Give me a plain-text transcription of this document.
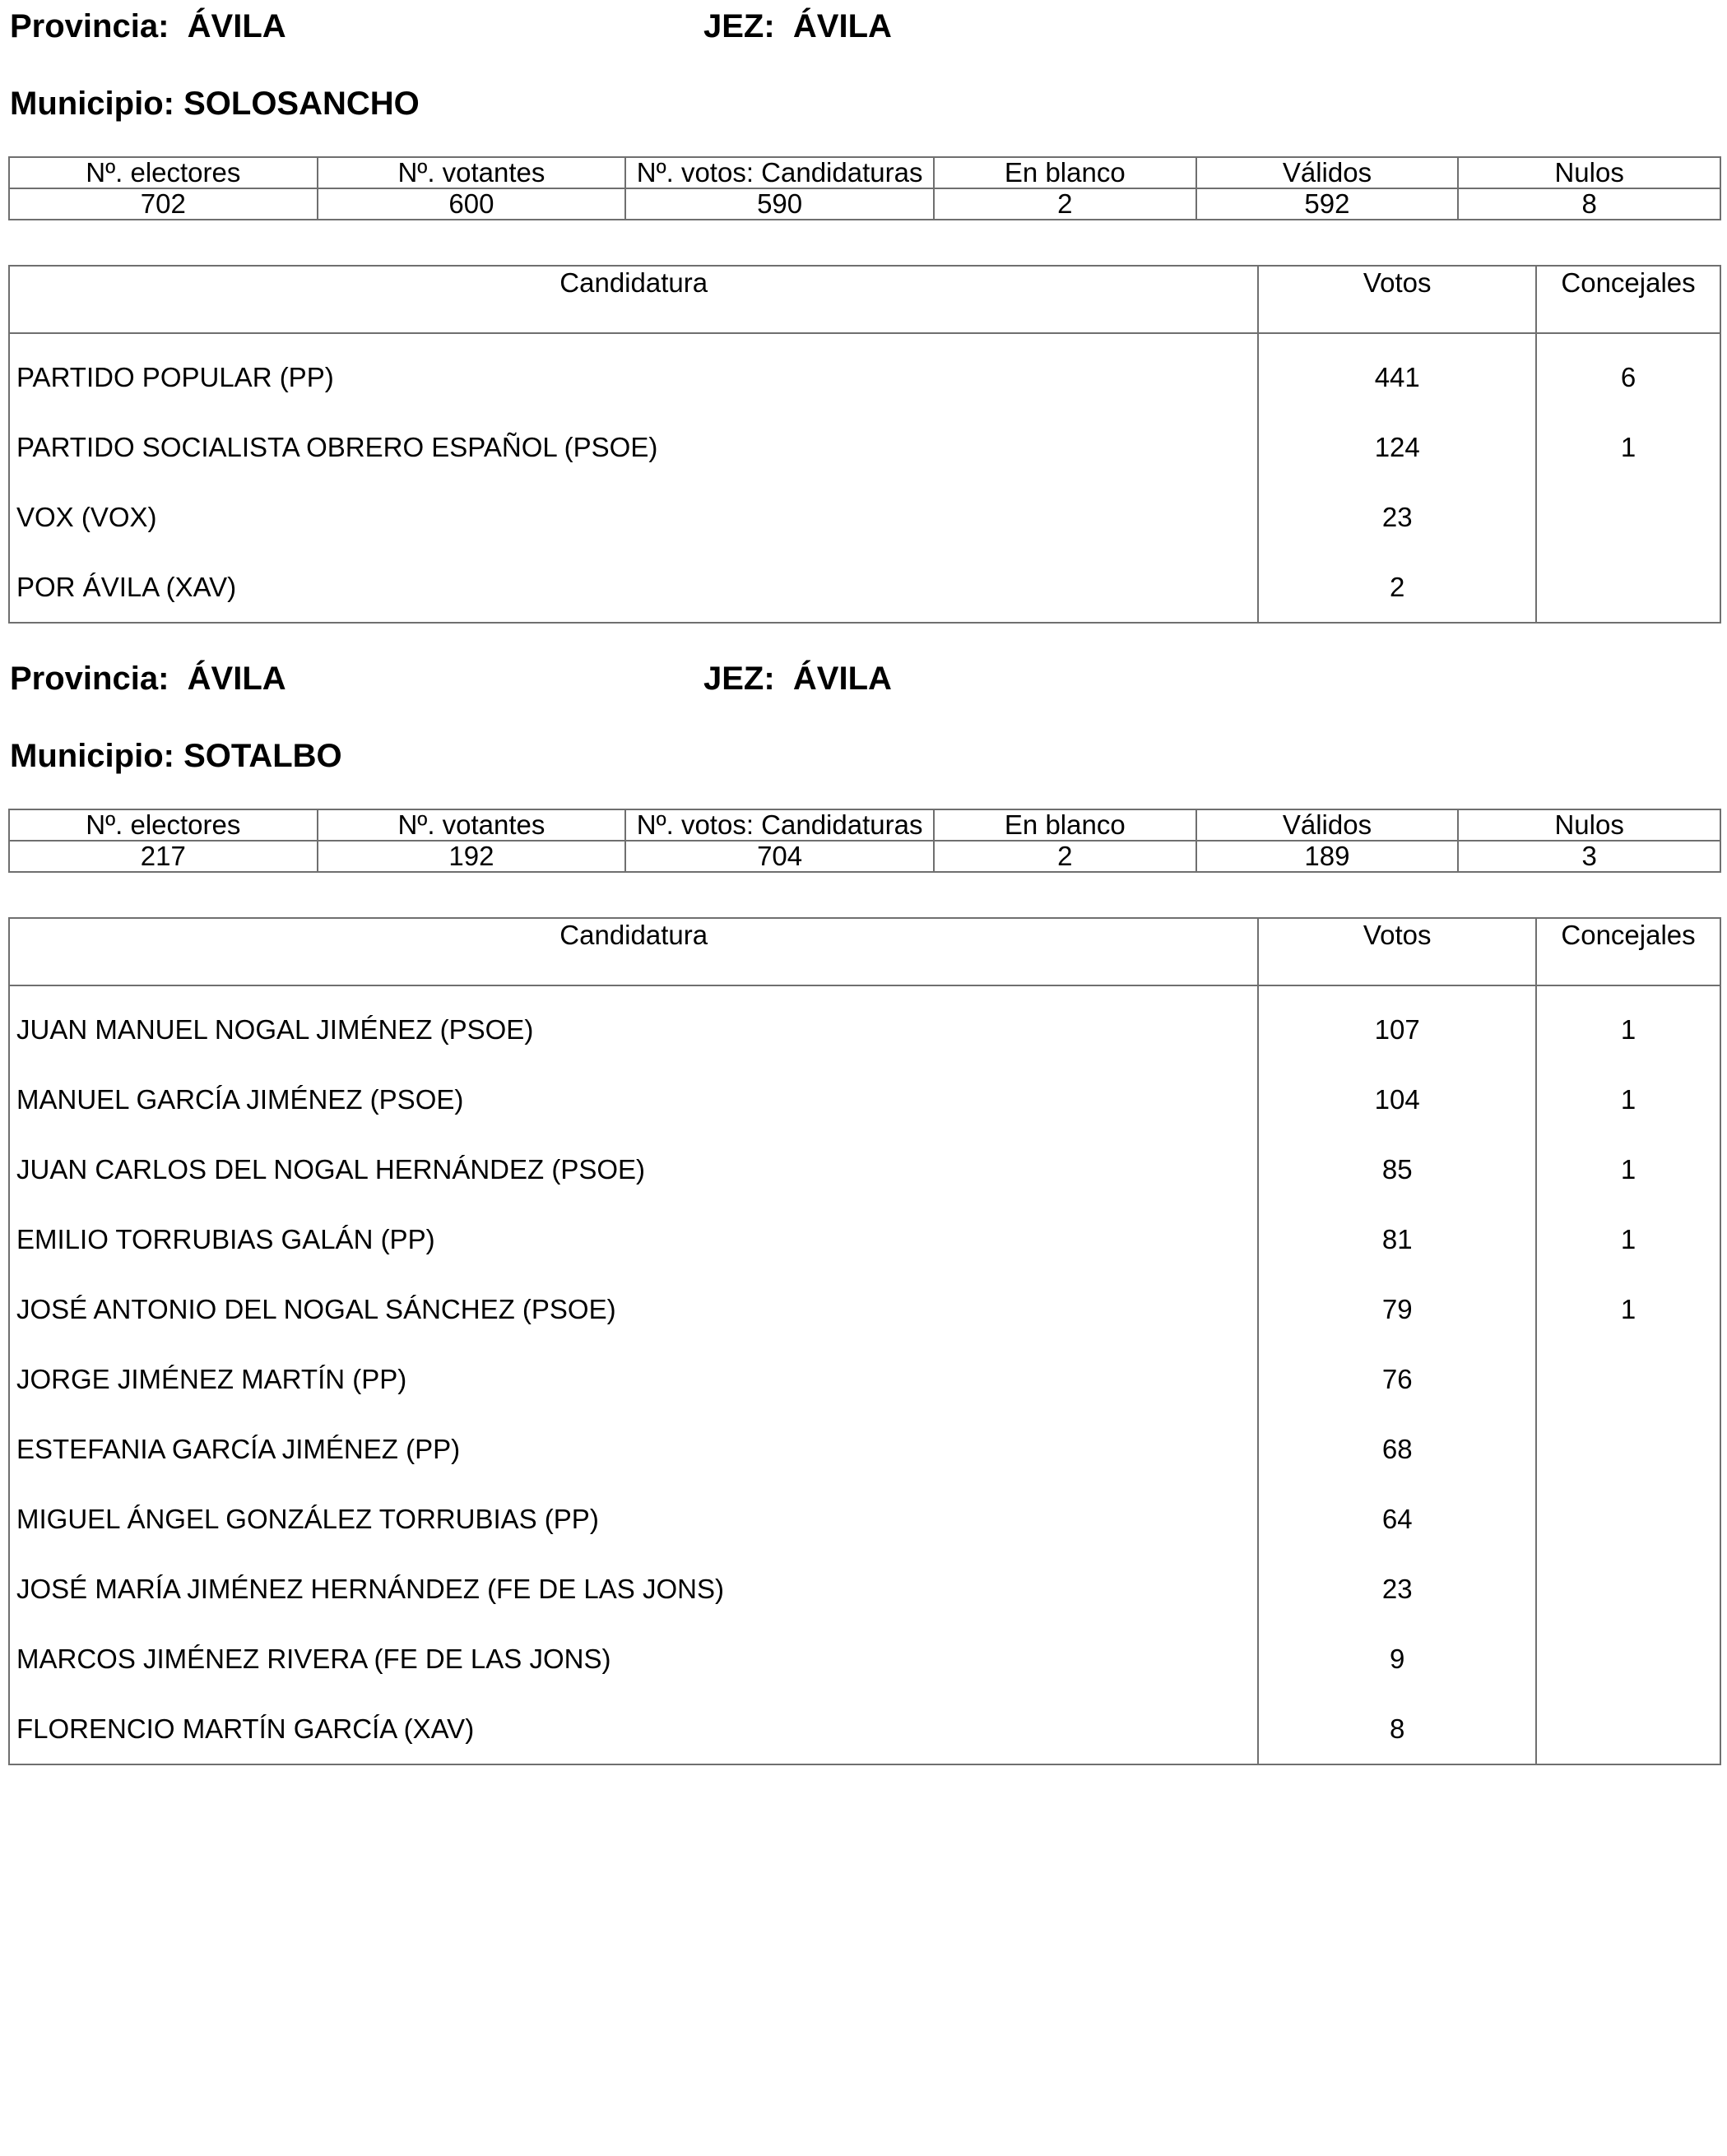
Provincia: ÁVILA	JEZ: ÁVILA
Municipio: SOLOSANCHO
Nº. electores	Nº. votantes	Nº. votos: Candidaturas	En blanco	Válidos	Nulos
702	600	590	2	592	8
Candidatura	Votos	Concejales
PARTIDO POPULAR (PP)	441	6
PARTIDO SOCIALISTA OBRERO ESPAÑOL (PSOE)	124	1
VOX (VOX)	23	
POR ÁVILA (XAV)	2	
Provincia: ÁVILA	JEZ: ÁVILA
Municipio: SOTALBO
Nº. electores	Nº. votantes	Nº. votos: Candidaturas	En blanco	Válidos	Nulos
217	192	704	2	189	3
Candidatura	Votos	Concejales
JUAN MANUEL NOGAL JIMÉNEZ (PSOE)	107	1
MANUEL GARCÍA JIMÉNEZ (PSOE)	104	1
JUAN CARLOS DEL NOGAL HERNÁNDEZ (PSOE)	85	1
EMILIO TORRUBIAS GALÁN (PP)	81	1
JOSÉ ANTONIO DEL NOGAL SÁNCHEZ (PSOE)	79	1
JORGE JIMÉNEZ MARTÍN (PP)	76	
ESTEFANIA GARCÍA JIMÉNEZ (PP)	68	
MIGUEL ÁNGEL GONZÁLEZ TORRUBIAS (PP)	64	
JOSÉ MARÍA JIMÉNEZ HERNÁNDEZ (FE DE LAS JONS)	23	
MARCOS JIMÉNEZ RIVERA (FE DE LAS JONS)	9	
FLORENCIO MARTÍN GARCÍA (XAV)	8	
